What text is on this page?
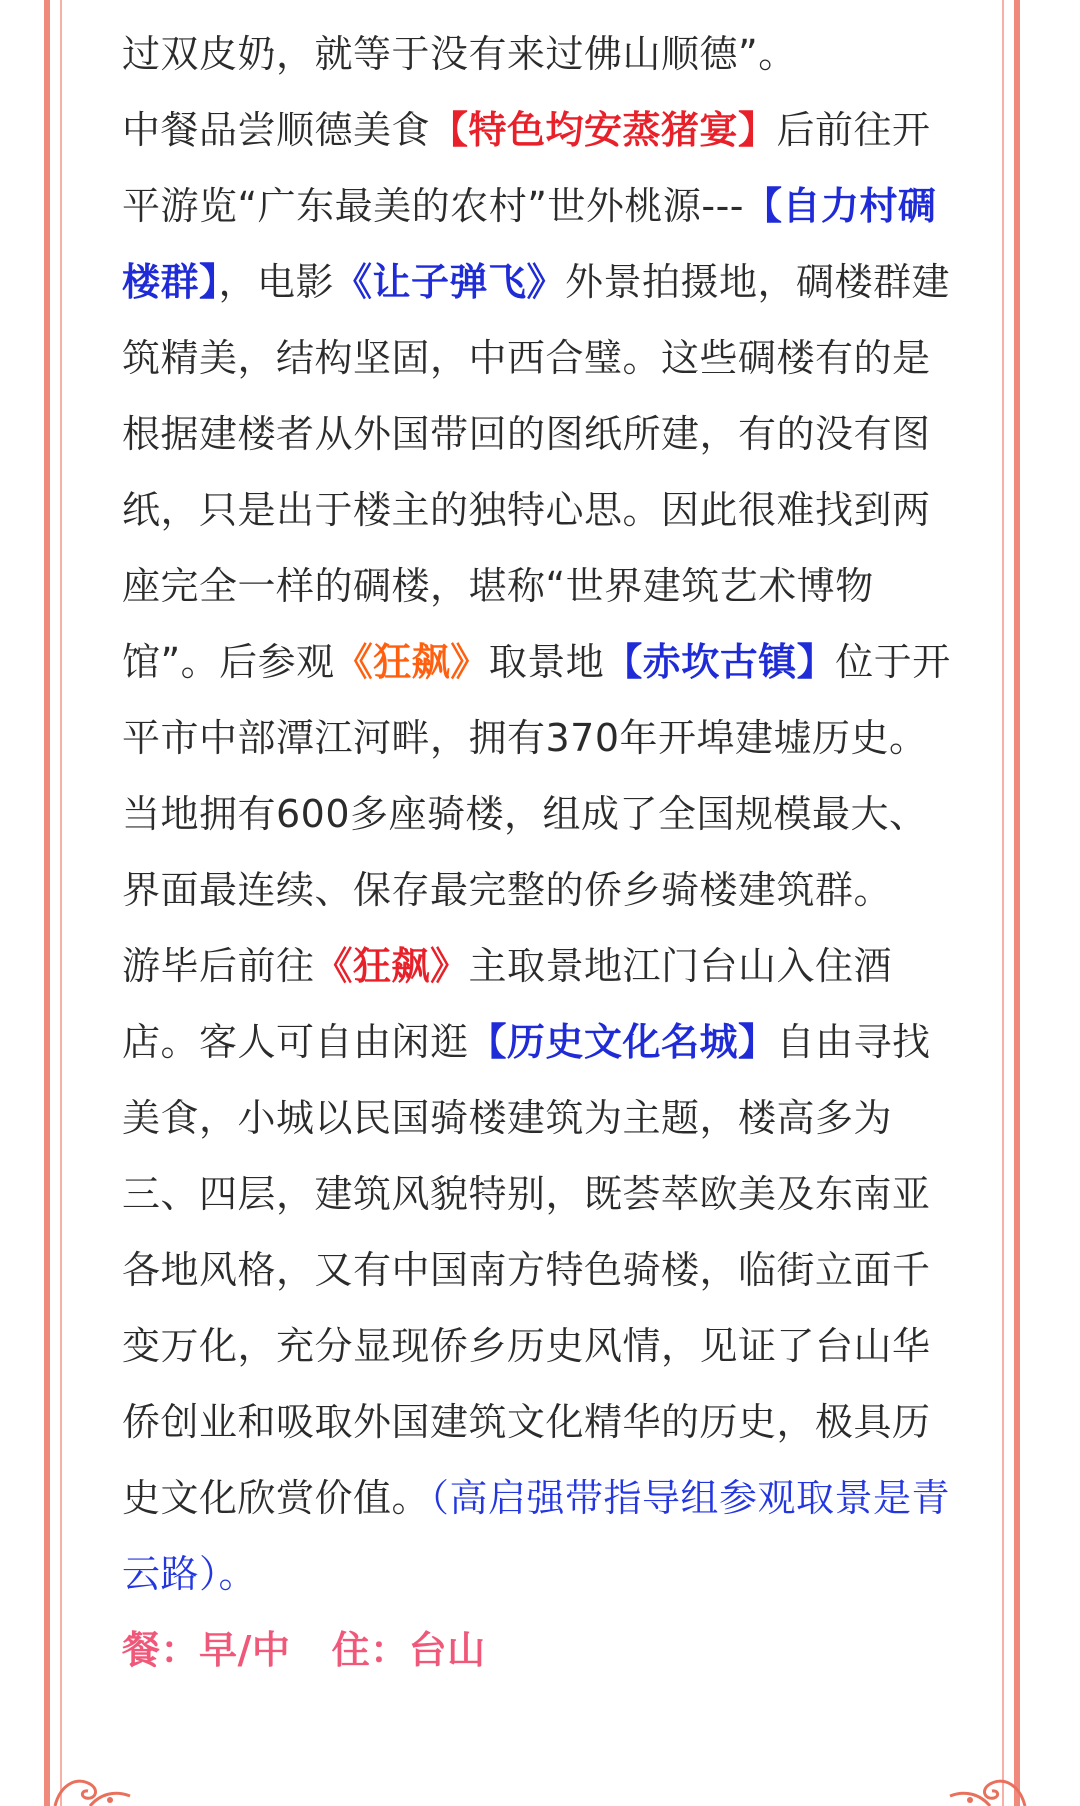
过双皮奶，就等于没有来过佛山顺德”。

中餐品尝顺德美食【特色均安蒸猪宴】后前往开平游览“广东最美的农村”世外桃源---【自力村碉楼群】，电影《让子弹飞》外景拍摄地，碉楼群建筑精美，结构坚固，中西合璧。这些碉楼有的是根据建楼者从外国带回的图纸所建，有的没有图纸，只是出于楼主的独特心思。因此很难找到两座完全一样的碉楼，堪称“世界建筑艺术博物馆”。后参观《狂飙》取景地【赤坎古镇】位于开平市中部潭江河畔，拥有370年开埠建墟历史。当地拥有600多座骑楼，组成了全国规模最大、界面最连续、保存最完整的侨乡骑楼建筑群。

游毕后前往《狂飙》主取景地江门台山入住酒店。客人可自由闲逛【历史文化名城】自由寻找美食，小城以民国骑楼建筑为主题，楼高多为三、四层，建筑风貌特别，既荟萃欧美及东南亚各地风格，又有中国南方特色骑楼，临街立面千变万化，充分显现侨乡历史风情，见证了台山华侨创业和吸取外国建筑文化精华的历史，极具历史文化欣赏价值。（高启强带指导组参观取景是青云路）。

餐：早/中   住：台山
